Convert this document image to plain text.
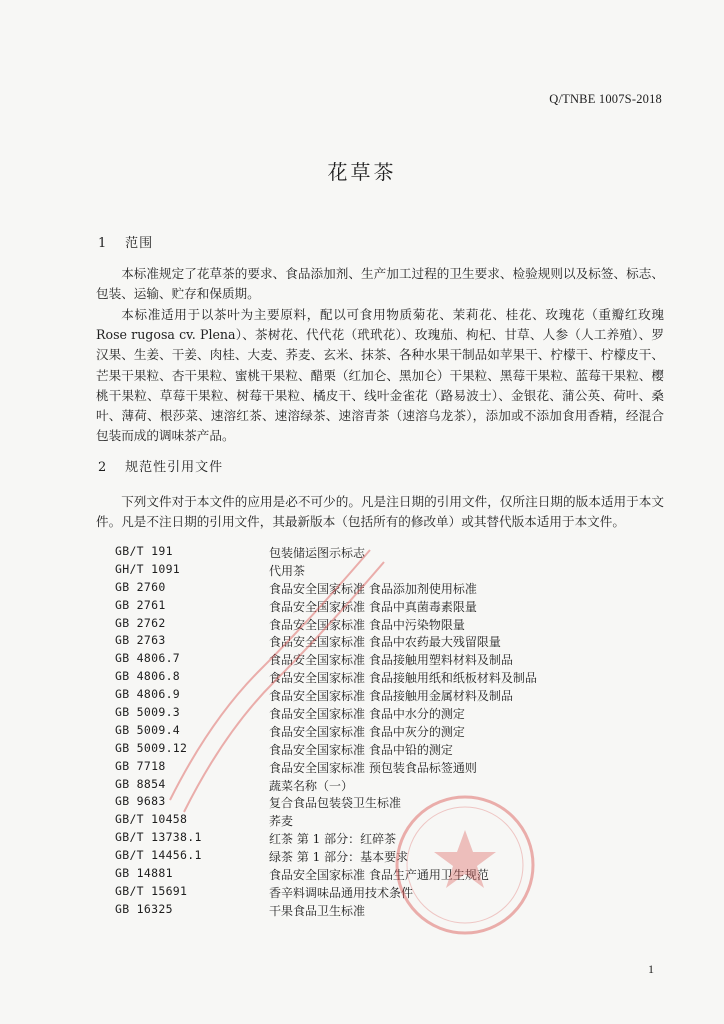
Q/TNBE 1007S-2018
花草茶
1 范围

本标准规定了花草茶的要求、食品添加剂、生产加工过程的卫生要求、检验规则以及标签、标志、包装、运输、贮存和保质期。

本标准适用于以茶叶为主要原料，配以可食用物质菊花、茉莉花、桂花、玫瑰花（重瓣红玫瑰Rose rugosa cv. Plena）、茶树花、代代花（玳玳花）、玫瑰茄、枸杞、甘草、人参（人工养殖）、罗汉果、生姜、干姜、肉桂、大麦、荞麦、玄米、抹茶、各种水果干制品如苹果干、柠檬干、柠檬皮干、芒果干果粒、杏干果粒、蜜桃干果粒、醋栗（红加仑、黑加仑）干果粒、黑莓干果粒、蓝莓干果粒、樱桃干果粒、草莓干果粒、树莓干果粒、橘皮干、线叶金雀花（路易波士）、金银花、蒲公英、荷叶、桑叶、薄荷、根莎菜、速溶红茶、速溶绿茶、速溶青茶（速溶乌龙茶），添加或不添加食用香精，经混合包装而成的调味茶产品。

2 规范性引用文件

下列文件对于本文件的应用是必不可少的。凡是注日期的引用文件，仅所注日期的版本适用于本文件。凡是不注日期的引用文件，其最新版本（包括所有的修改单）或其替代版本适用于本文件。

GB/T 191	包装储运图示标志
GH/T 1091	代用茶
GB 2760	食品安全国家标准 食品添加剂使用标准
GB 2761	食品安全国家标准 食品中真菌毒素限量
GB 2762	食品安全国家标准 食品中污染物限量
GB 2763	食品安全国家标准 食品中农药最大残留限量
GB 4806.7	食品安全国家标准 食品接触用塑料材料及制品
GB 4806.8	食品安全国家标准 食品接触用纸和纸板材料及制品
GB 4806.9	食品安全国家标准 食品接触用金属材料及制品
GB 5009.3	食品安全国家标准 食品中水分的测定
GB 5009.4	食品安全国家标准 食品中灰分的测定
GB 5009.12	食品安全国家标准 食品中铅的测定
GB 7718	食品安全国家标准 预包装食品标签通则
GB 8854	蔬菜名称（一）
GB 9683	复合食品包装袋卫生标准
GB/T 10458	荞麦
GB/T 13738.1	红茶 第 1 部分：红碎茶
GB/T 14456.1	绿茶 第 1 部分：基本要求
GB 14881	食品安全国家标准 食品生产通用卫生规范
GB/T 15691	香辛料调味品通用技术条件
GB 16325	干果食品卫生标准
1
